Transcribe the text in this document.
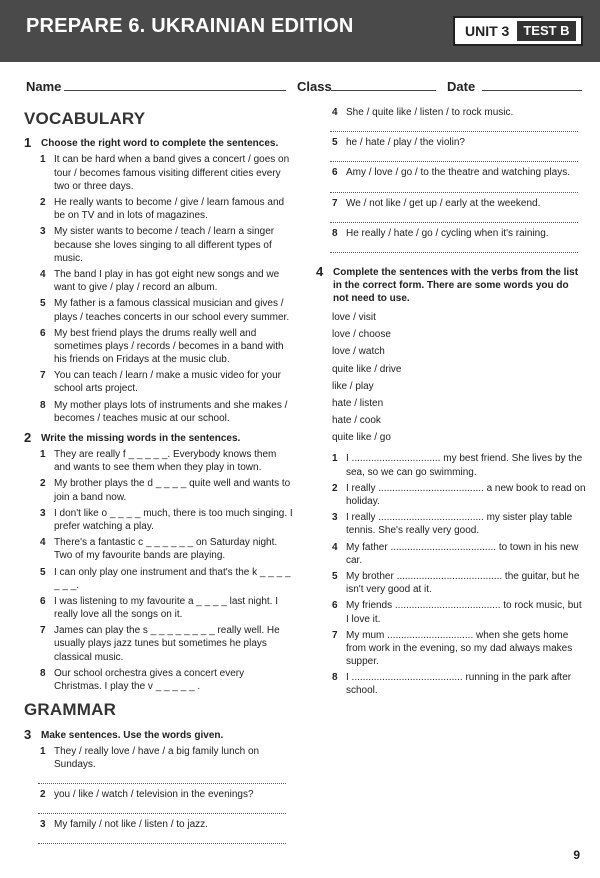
PREPARE 6. UKRAINIAN EDITION	UNIT 3	TEST B
Name	Class	Date
VOCABULARY
1 Choose the right word to complete the sentences.
1 It can be hard when a band gives a concert / goes on tour / becomes famous visiting different cities every two or three days.
2 He really wants to become / give / learn famous and be on TV and in lots of magazines.
3 My sister wants to become / teach / learn a singer because she loves singing to all different types of music.
4 The band I play in has got eight new songs and we want to give / play / record an album.
5 My father is a famous classical musician and gives / plays / teaches concerts in our school every summer.
6 My best friend plays the drums really well and sometimes plays / records / becomes in a band with his friends on Fridays at the music club.
7 You can teach / learn / make a music video for your school arts project.
8 My mother plays lots of instruments and she makes / becomes / teaches music at our school.
2 Write the missing words in the sentences.
1 They are really f _ _ _ _ _. Everybody knows them and wants to see them when they play in town.
2 My brother plays the d _ _ _ _ quite well and wants to join a band now.
3 I don't like o _ _ _ _ much, there is too much singing. I prefer watching a play.
4 There's a fantastic c _ _ _ _ _ _ on Saturday night. Two of my favourite bands are playing.
5 I can only play one instrument and that's the k _ _ _ _ _ _ _.
6 I was listening to my favourite a _ _ _ _ last night. I really love all the songs on it.
7 James can play the s _ _ _ _ _ _ _ _ really well. He usually plays jazz tunes but sometimes he plays classical music.
8 Our school orchestra gives a concert every Christmas. I play the v _ _ _ _ _ .
GRAMMAR
3 Make sentences. Use the words given.
1 They / really love / have / a big family lunch on Sundays.
2 you / like / watch / television in the evenings?
3 My family / not like / listen / to jazz.
4 She / quite like / listen / to rock music.
5 he / hate / play / the violin?
6 Amy / love / go / to the theatre and watching plays.
7 We / not like / get up / early at the weekend.
8 He really / hate / go / cycling when it's raining.
4 Complete the sentences with the verbs from the list in the correct form. There are some words you do not need to use.
love / visit
love / choose
love / watch
quite like / drive
like / play
hate / listen
hate / cook
quite like / go
1 I ................................ my best friend. She lives by the sea, so we can go swimming.
2 I really ...................................... a new book to read on holiday.
3 I really ...................................... my sister play table tennis. She's really very good.
4 My father ...................................... to town in his new car.
5 My brother ...................................... the guitar, but he isn't very good at it.
6 My friends ...................................... to rock music, but I love it.
7 My mum ............................... when she gets home from work in the evening, so my dad always makes supper.
8 I ........................................ running in the park after school.
9
